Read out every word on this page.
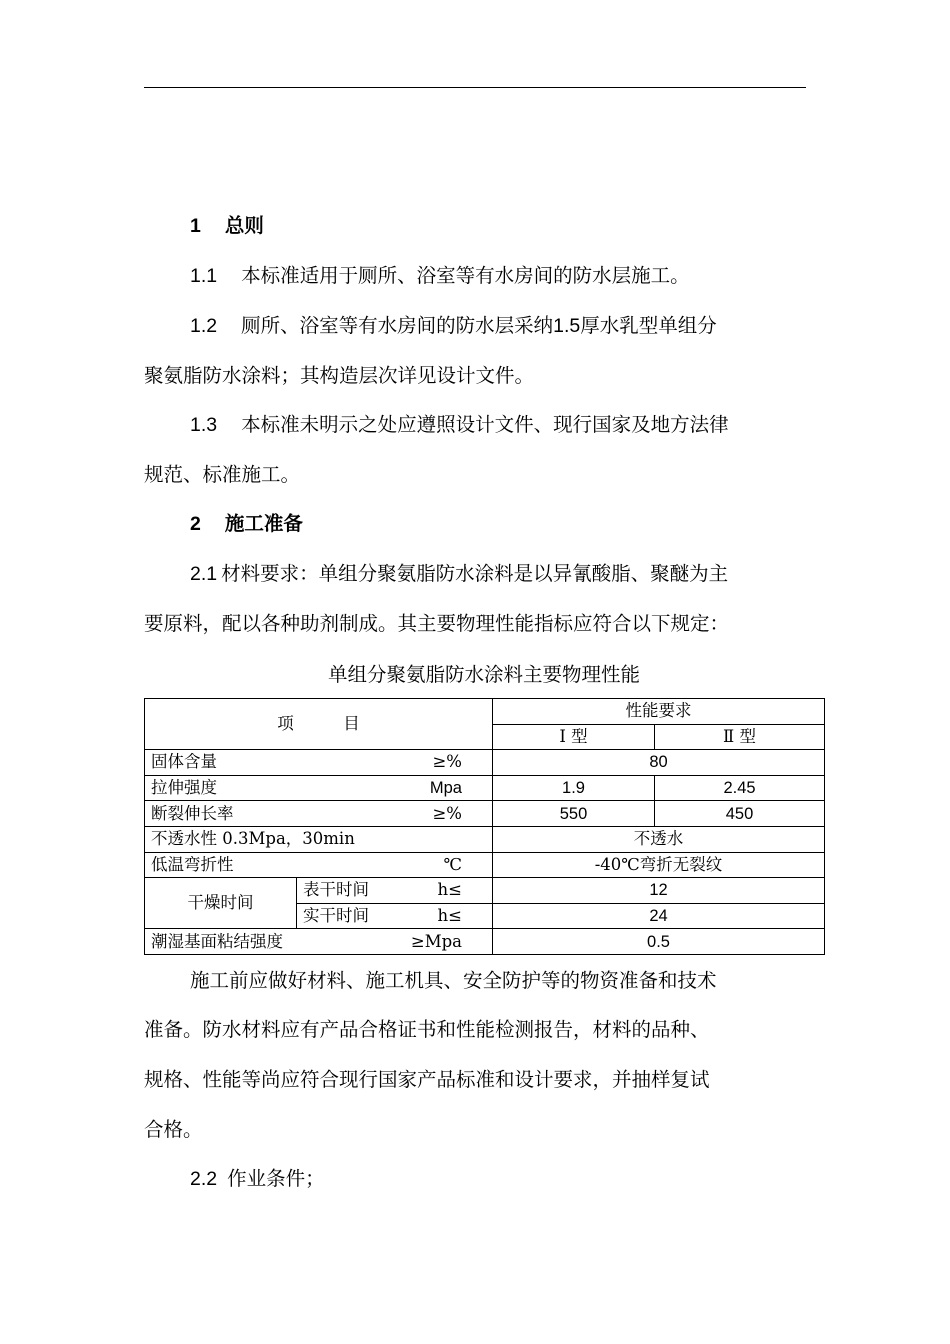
1 总则
1.1 本标准适用于厕所、浴室等有水房间的防水层施工。
1.2 厕所、浴室等有水房间的防水层采纳1.5厚水乳型单组分
聚氨脂防水涂料；其构造层次详见设计文件。
1.3 本标准未明示之处应遵照设计文件、现行国家及地方法律
规范、标准施工。
2 施工准备
2.1 材料要求：单组分聚氨脂防水涂料是以异氰酸脂、聚醚为主
要原料，配以各种助剂制成。其主要物理性能指标应符合以下规定：
单组分聚氨脂防水涂料主要物理性能
项　　　目		性能要求	
		Ⅰ 型	Ⅱ 型

固体含量 ≥%		80	

拉伸强度 Mpa		1.9	2.45

断裂伸长率 ≥%		550	450
不透水性 0.3Mpa，30min		不透水	

低温弯折性 ℃		-40℃弯折无裂纹	
干燥时间	表干时间 h≤	12	

	实干时间 h≤	24	

潮湿基面粘结强度 ≥Mpa		0.5	
施工前应做好材料、施工机具、安全防护等的物资准备和技术
准备。防水材料应有产品合格证书和性能检测报告，材料的品种、
规格、性能等尚应符合现行国家产品标准和设计要求，并抽样复试
合格。
2.2 作业条件；
